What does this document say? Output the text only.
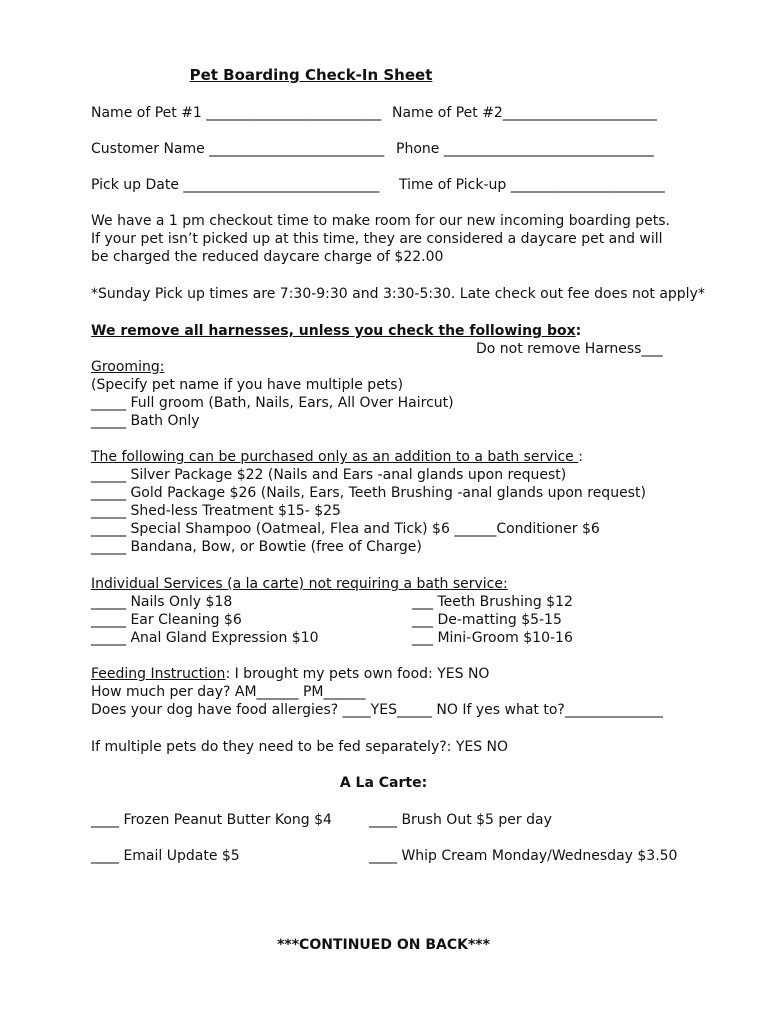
Pet Boarding Check-In Sheet
Name of Pet #1 _________________________ Name of Pet #2______________________
Customer Name _________________________ Phone ______________________________
Pick up Date ____________________________ Time of Pick-up ______________________
We have a 1 pm checkout time to make room for our new incoming boarding pets. If your pet isn’t picked up at this time, they are considered a daycare pet and will be charged the reduced daycare charge of $22.00
*Sunday Pick up times are 7:30-9:30 and 3:30-5:30. Late check out fee does not apply*
We remove all harnesses, unless you check the following box:
Do not remove Harness___
Grooming:
(Specify pet name if you have multiple pets)
_____ Full groom (Bath, Nails, Ears, All Over Haircut)
_____ Bath Only
The following can be purchased only as an addition to a bath service :
_____ Silver Package $22 (Nails and Ears -anal glands upon request)
_____ Gold Package $26 (Nails, Ears, Teeth Brushing -anal glands upon request)
_____ Shed-less Treatment $15- $25
_____ Special Shampoo (Oatmeal, Flea and Tick) $6 ______Conditioner $6
_____ Bandana, Bow, or Bowtie (free of Charge)
Individual Services (a la carte) not requiring a bath service:
_____ Nails Only $18	___ Teeth Brushing $12
_____ Ear Cleaning $6	___ De-matting $5-15
_____ Anal Gland Expression $10	___ Mini-Groom $10-16
Feeding Instruction: I brought my pets own food: YES NO
How much per day? AM______ PM______
Does your dog have food allergies? ____YES_____ NO If yes what to?______________
If multiple pets do they need to be fed separately?: YES NO
A La Carte:
____ Frozen Peanut Butter Kong $4	____ Brush Out $5 per day
____ Email Update $5	____ Whip Cream Monday/Wednesday $3.50
***CONTINUED ON BACK***
